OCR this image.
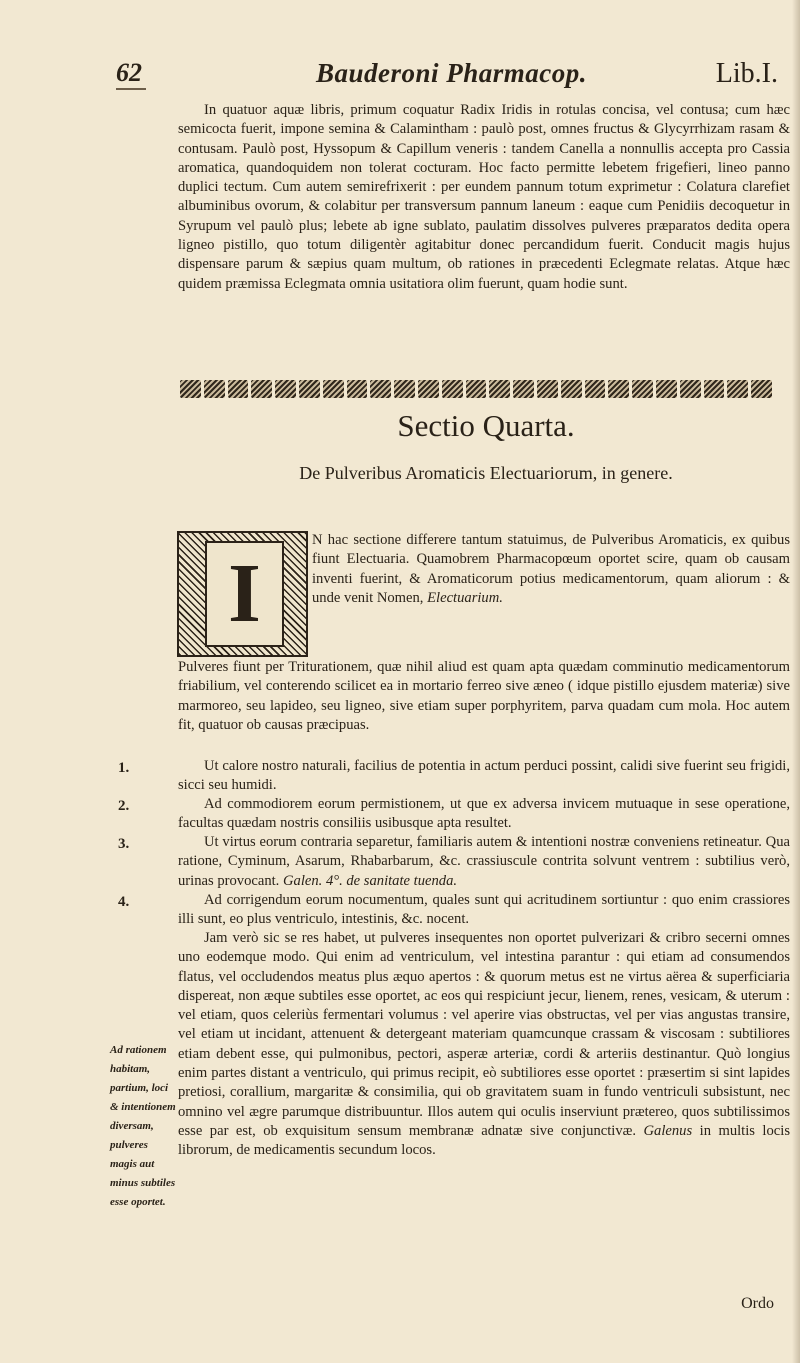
62	Bauderoni Pharmacop.	Lib.I.
In quatuor aquæ libris, primum coquatur Radix Iridis in rotulas concisa, vel contusa; cum hæc semicocta fuerit, impone semina & Calamintham : paulò post, omnes fructus & Glycyrrhizam rasam & contusam. Paulò post, Hyssopum & Capillum veneris : tandem Canella a nonnullis accepta pro Cassia aromatica, quandoquidem non tolerat cocturam. Hoc facto permitte lebetem frigefieri, lineo panno duplici tectum. Cum autem semirefrixerit : per eundem pannum totum exprimetur : Colatura clarefiet albuminibus ovorum, & colabitur per transversum pannum laneum : eaque cum Penidiis decoquetur in Syrupum vel paulò plus; lebete ab igne sublato, paulatim dissolves pulveres præparatos dedita opera ligneo pistillo, quo totum diligentèr agitabitur donec percandidum fuerit. Conducit magis hujus dispensare parum & sæpius quam multum, ob rationes in præcedenti Eclegmate relatas. Atque hæc quidem præmissa Eclegmata omnia usitatiora olim fuerunt, quam hodie sunt.
Sectio Quarta.
De Pulveribus Aromaticis Electuariorum, in genere.
I
N hac sectione differere tantum statuimus, de Pulveribus Aromaticis, ex quibus fiunt Electuaria. Quamobrem Pharmacopœum oportet scire, quam ob causam inventi fuerint, & Aromaticorum potius medicamentorum, quam aliorum : & unde venit Nomen, Electuarium.
Pulveres fiunt per Triturationem, quæ nihil aliud est quam apta quædam comminutio medicamentorum friabilium, vel conterendo scilicet ea in mortario ferreo sive æneo ( idque pistillo ejusdem materiæ) sive marmoreo, seu lapideo, seu ligneo, sive etiam super porphyritem, parva quadam cum mola. Hoc autem fit, quatuor ob causas præcipuas.
1.
2.
3.
4.
Ut calore nostro naturali, facilius de potentia in actum perduci possint, calidi sive fuerint seu frigidi, sicci seu humidi.
Ad commodiorem eorum permistionem, ut que ex adversa invicem mutuaque in sese operatione, facultas quædam nostris consiliis usibusque apta resultet.
Ut virtus eorum contraria separetur, familiaris autem & intentioni nostræ conveniens retineatur. Qua ratione, Cyminum, Asarum, Rhabarbarum, &c. crassiuscule contrita solvunt ventrem : subtilius verò, urinas provocant. Galen. 4°. de sanitate tuenda.
Ad corrigendum eorum nocumentum, quales sunt qui acritudinem sortiuntur : quo enim crassiores illi sunt, eo plus ventriculo, intestinis, &c. nocent.
Jam verò sic se res habet, ut pulveres insequentes non oportet pulverizari & cribro secerni omnes uno eodemque modo. Qui enim ad ventriculum, vel intestina parantur : qui etiam ad consumendos flatus, vel occludendos meatus plus æquo apertos : & quorum metus est ne virtus aërea & superficiaria dispereat, non æque subtiles esse oportet, ac eos qui respiciunt jecur, lienem, renes, vesicam, & uterum : vel etiam, quos celeriùs fermentari volumus : vel aperire vias obstructas, vel per vias angustas transire, vel etiam ut incidant, attenuent & detergeant materiam quamcunque crassam & viscosam : subtiliores etiam debent esse, qui pulmonibus, pectori, asperæ arteriæ, cordi & arteriis destinantur. Quò longius enim partes distant a ventriculo, qui primus recipit, eò subtiliores esse oportet : præsertim si sint lapides pretiosi, corallium, margaritæ & consimilia, qui ob gravitatem suam in fundo ventriculi subsistunt, nec omnino vel ægre parumque distribuuntur. Illos autem qui oculis inserviunt prætereo, quos subtilissimos esse par est, ob exquisitum sensum membranæ adnatæ sive conjunctivæ. Galenus in multis locis librorum, de medicamentis secundum locos.
Ad rationem habitam, partium, loci & intentionem diversam, pulveres magis aut minus subtiles esse oportet.
Ordo
